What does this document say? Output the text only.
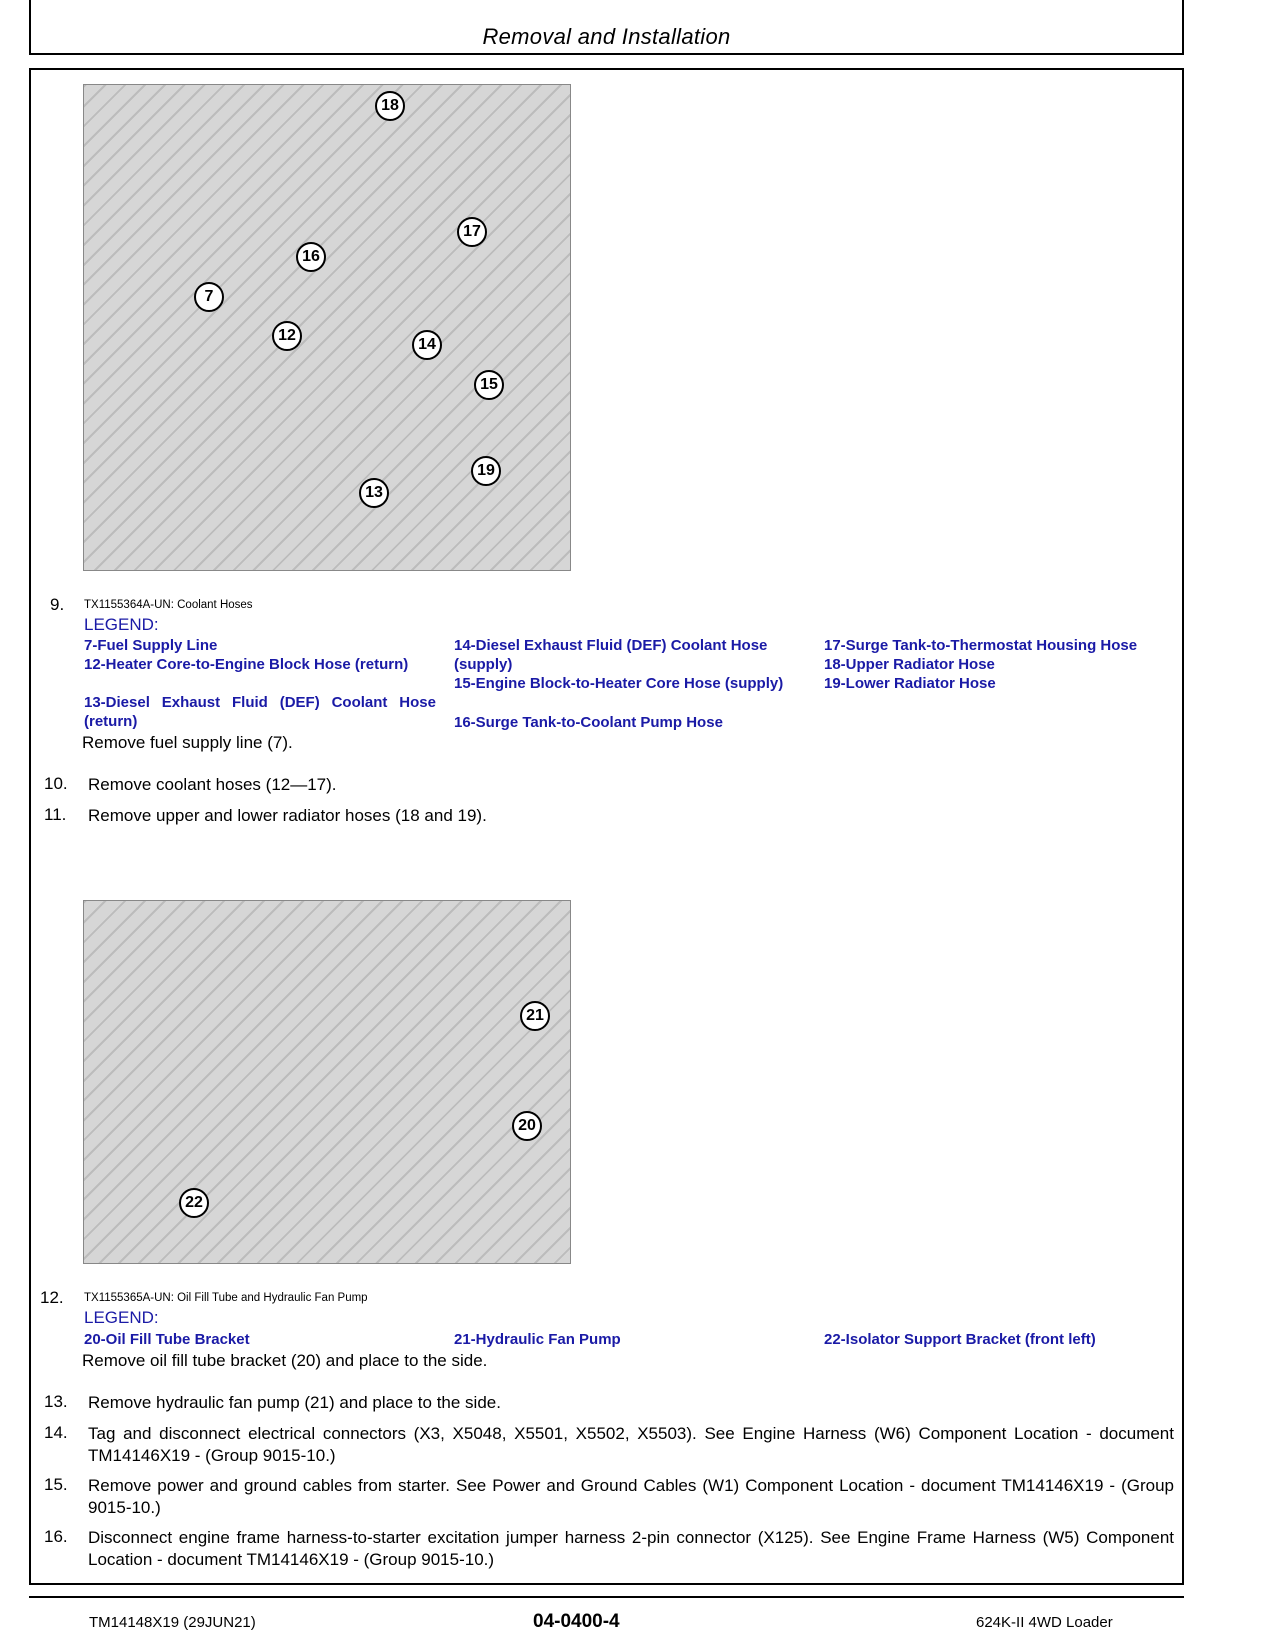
Removal and Installation
18
17
16
7
12
14
15
19
13
9. TX1155364A-UN: Coolant Hoses
LEGEND:
7-Fuel Supply Line
12-Heater Core-to-Engine Block Hose (return)
13-Diesel Exhaust Fluid (DEF) Coolant Hose (return)
14-Diesel Exhaust Fluid (DEF) Coolant Hose (supply)
15-Engine Block-to-Heater Core Hose (supply)
16-Surge Tank-to-Coolant Pump Hose
17-Surge Tank-to-Thermostat Housing Hose
18-Upper Radiator Hose
19-Lower Radiator Hose
Remove fuel supply line (7).
10. Remove coolant hoses (12—17).
11. Remove upper and lower radiator hoses (18 and 19).
21
20
22
12. TX1155365A-UN: Oil Fill Tube and Hydraulic Fan Pump
LEGEND:
20-Oil Fill Tube Bracket	21-Hydraulic Fan Pump	22-Isolator Support Bracket (front left)
Remove oil fill tube bracket (20) and place to the side.
13. Remove hydraulic fan pump (21) and place to the side.
14. Tag and disconnect electrical connectors (X3, X5048, X5501, X5502, X5503). See Engine Harness (W6) Component Location - document TM14146X19 - (Group 9015-10.)
15. Remove power and ground cables from starter. See Power and Ground Cables (W1) Component Location - document TM14146X19 - (Group 9015-10.)
16. Disconnect engine frame harness-to-starter excitation jumper harness 2-pin connector (X125). See Engine Frame Harness (W5) Component Location - document TM14146X19 - (Group 9015-10.)
TM14148X19 (29JUN21)	04-0400-4	624K-II 4WD Loader
